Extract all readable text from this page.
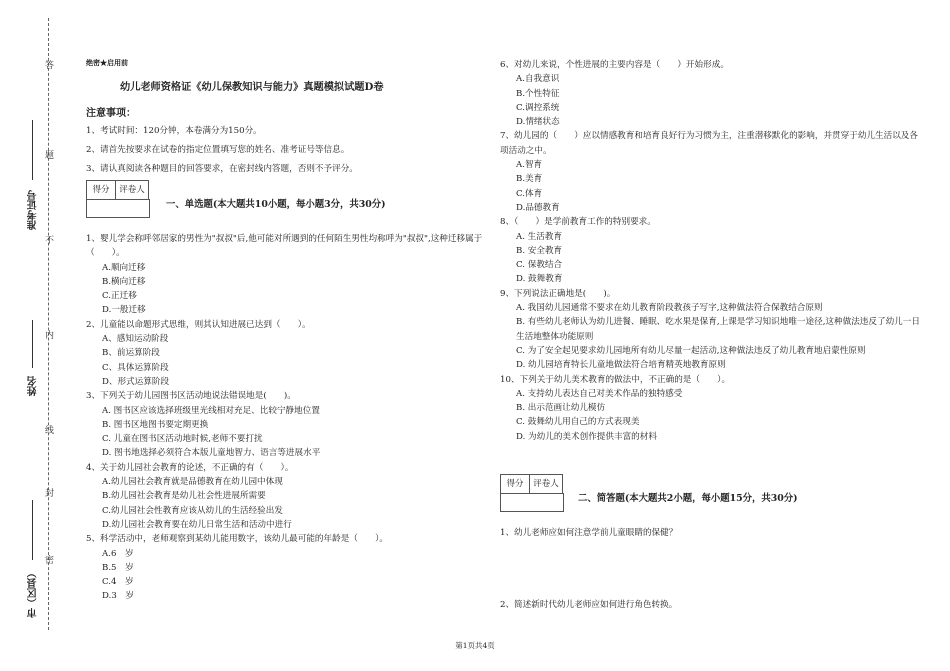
答
题
不
内
线
封
密
准考证号
姓名
市（区县）
绝密★启用前
幼儿老师资格证《幼儿保教知识与能力》真题模拟试题D卷
注意事项：

1、考试时间：120分钟，本卷满分为150分。

2、请首先按要求在试卷的指定位置填写您的姓名、准考证号等信息。

3、请认真阅读各种题目的回答要求，在密封线内答题，否则不予评分。

得分	评卷人
一、单选题(本大题共10小题，每小题3分，共30分)

1、婴儿学会称呼邻居家的男性为"叔叔"后,他可能对所遇到的任何陌生男性均称呼为"叔叔",这种迁移属于（　　）。

A.顺向迁移

B.横向迁移

C.正迁移

D.一般迁移

2、儿童能以命题形式思维，则其认知进展已达到（　　）。

A、感知运动阶段

B、前运算阶段

C、具体运算阶段

D、形式运算阶段

3、下列关于幼儿园图书区活动地说法错误地是(　　)。

A. 图书区应该选择班级里光线相对充足、比较宁静地位置

B. 图书区地图书要定期更换

C. 儿童在图书区活动地时候,老师不要打扰

D. 图书地选择必须符合本版儿童地智力、语言等进展水平

4、关于幼儿园社会教育的论述，不正确的有（　　）。

A.幼儿园社会教育就是品德教育在幼儿园中体现

B.幼儿园社会教育是幼儿社会性进展所需要

C.幼儿园社会性教育应该从幼儿的生活经验出发

D.幼儿园社会教育要在幼儿日常生活和活动中进行

5、科学活动中，老师观察到某幼儿能用数字，该幼儿最可能的年龄是（　　）。

A.6　岁

B.5　岁

C.4　岁

D.3　岁

6、对幼儿来说，个性进展的主要内容是（　　）开始形成。

A.自我意识

B.个性特征

C.调控系统

D.情绪状态

7、幼儿园的（　　）应以情感教育和培育良好行为习惯为主，注重潜移默化的影响，并贯穿于幼儿生活以及各项活动之中。

A.智育

B.美育

C.体育

D.品德教育

8、（　　）是学前教育工作的特别要求。

A. 生活教育

B. 安全教育

C. 保教结合

D. 鼓舞教育

9、下列说法正确地是(　　)。

A. 我国幼儿园通常不要求在幼儿教育阶段教孩子写字,这种做法符合保教结合原则

B. 有些幼儿老师认为幼儿进餐、睡眠、吃水果是保育,上课是学习知识地唯一途径,这种做法违反了幼儿一日生活地整体功能原则

C. 为了安全起见要求幼儿园地所有幼儿尽量一起活动,这种做法违反了幼儿教育地启蒙性原则

D. 幼儿园培育特长儿童地做法符合培育精英地教育原则

10、下列关于幼儿美术教育的做法中，不正确的是（　　）。

A. 支持幼儿表达自己对美术作品的独特感受

B. 出示范画让幼儿模仿

C. 鼓舞幼儿用自己的方式表现美

D. 为幼儿的美术创作提供丰富的材料

得分	评卷人
二、简答题(本大题共2小题，每小题15分，共30分)

1、幼儿老师应如何注意学前儿童眼睛的保健？

2、简述新时代幼儿老师应如何进行角色转换。

第1页共4页
